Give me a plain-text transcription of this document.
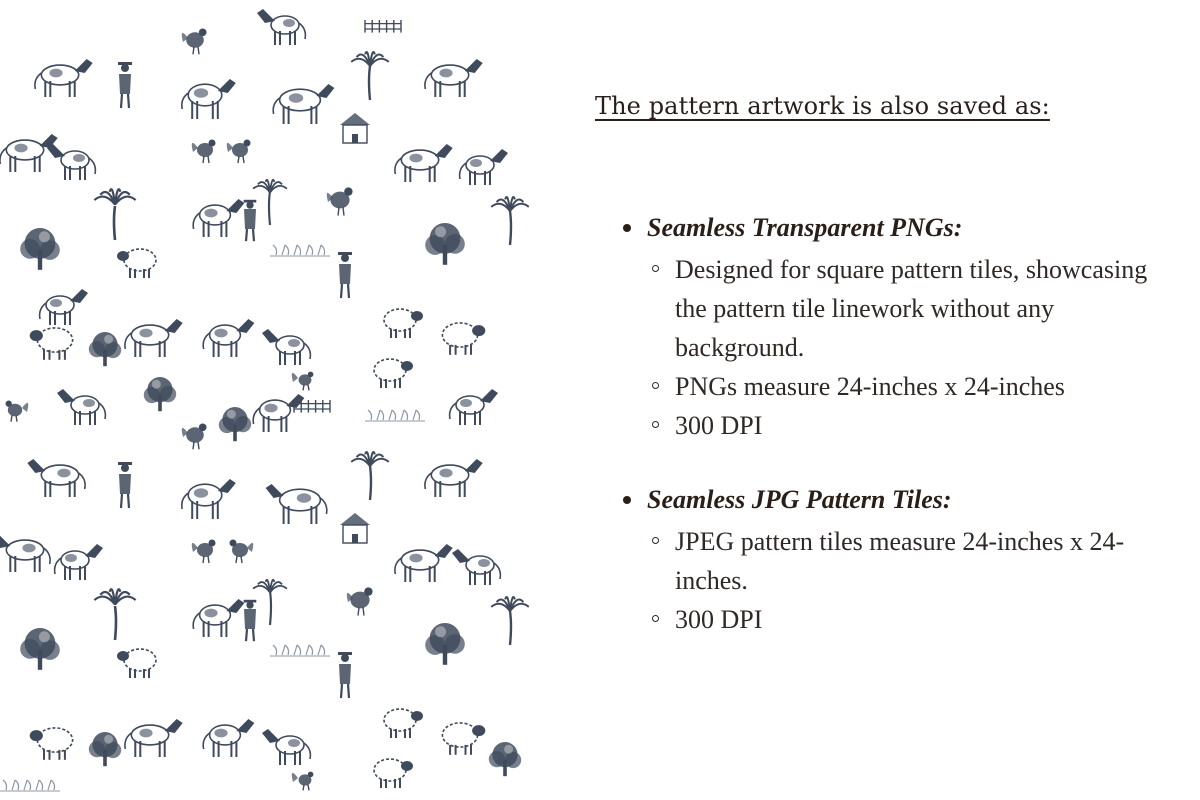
The pattern artwork is also saved as:
Seamless Transparent PNGs:
Designed for square pattern tiles, showcasing the pattern tile linework without any background.
PNGs measure 24-inches x 24-inches
300 DPI
Seamless JPG Pattern Tiles:
JPEG pattern tiles measure 24-inches x 24-inches.
300 DPI
